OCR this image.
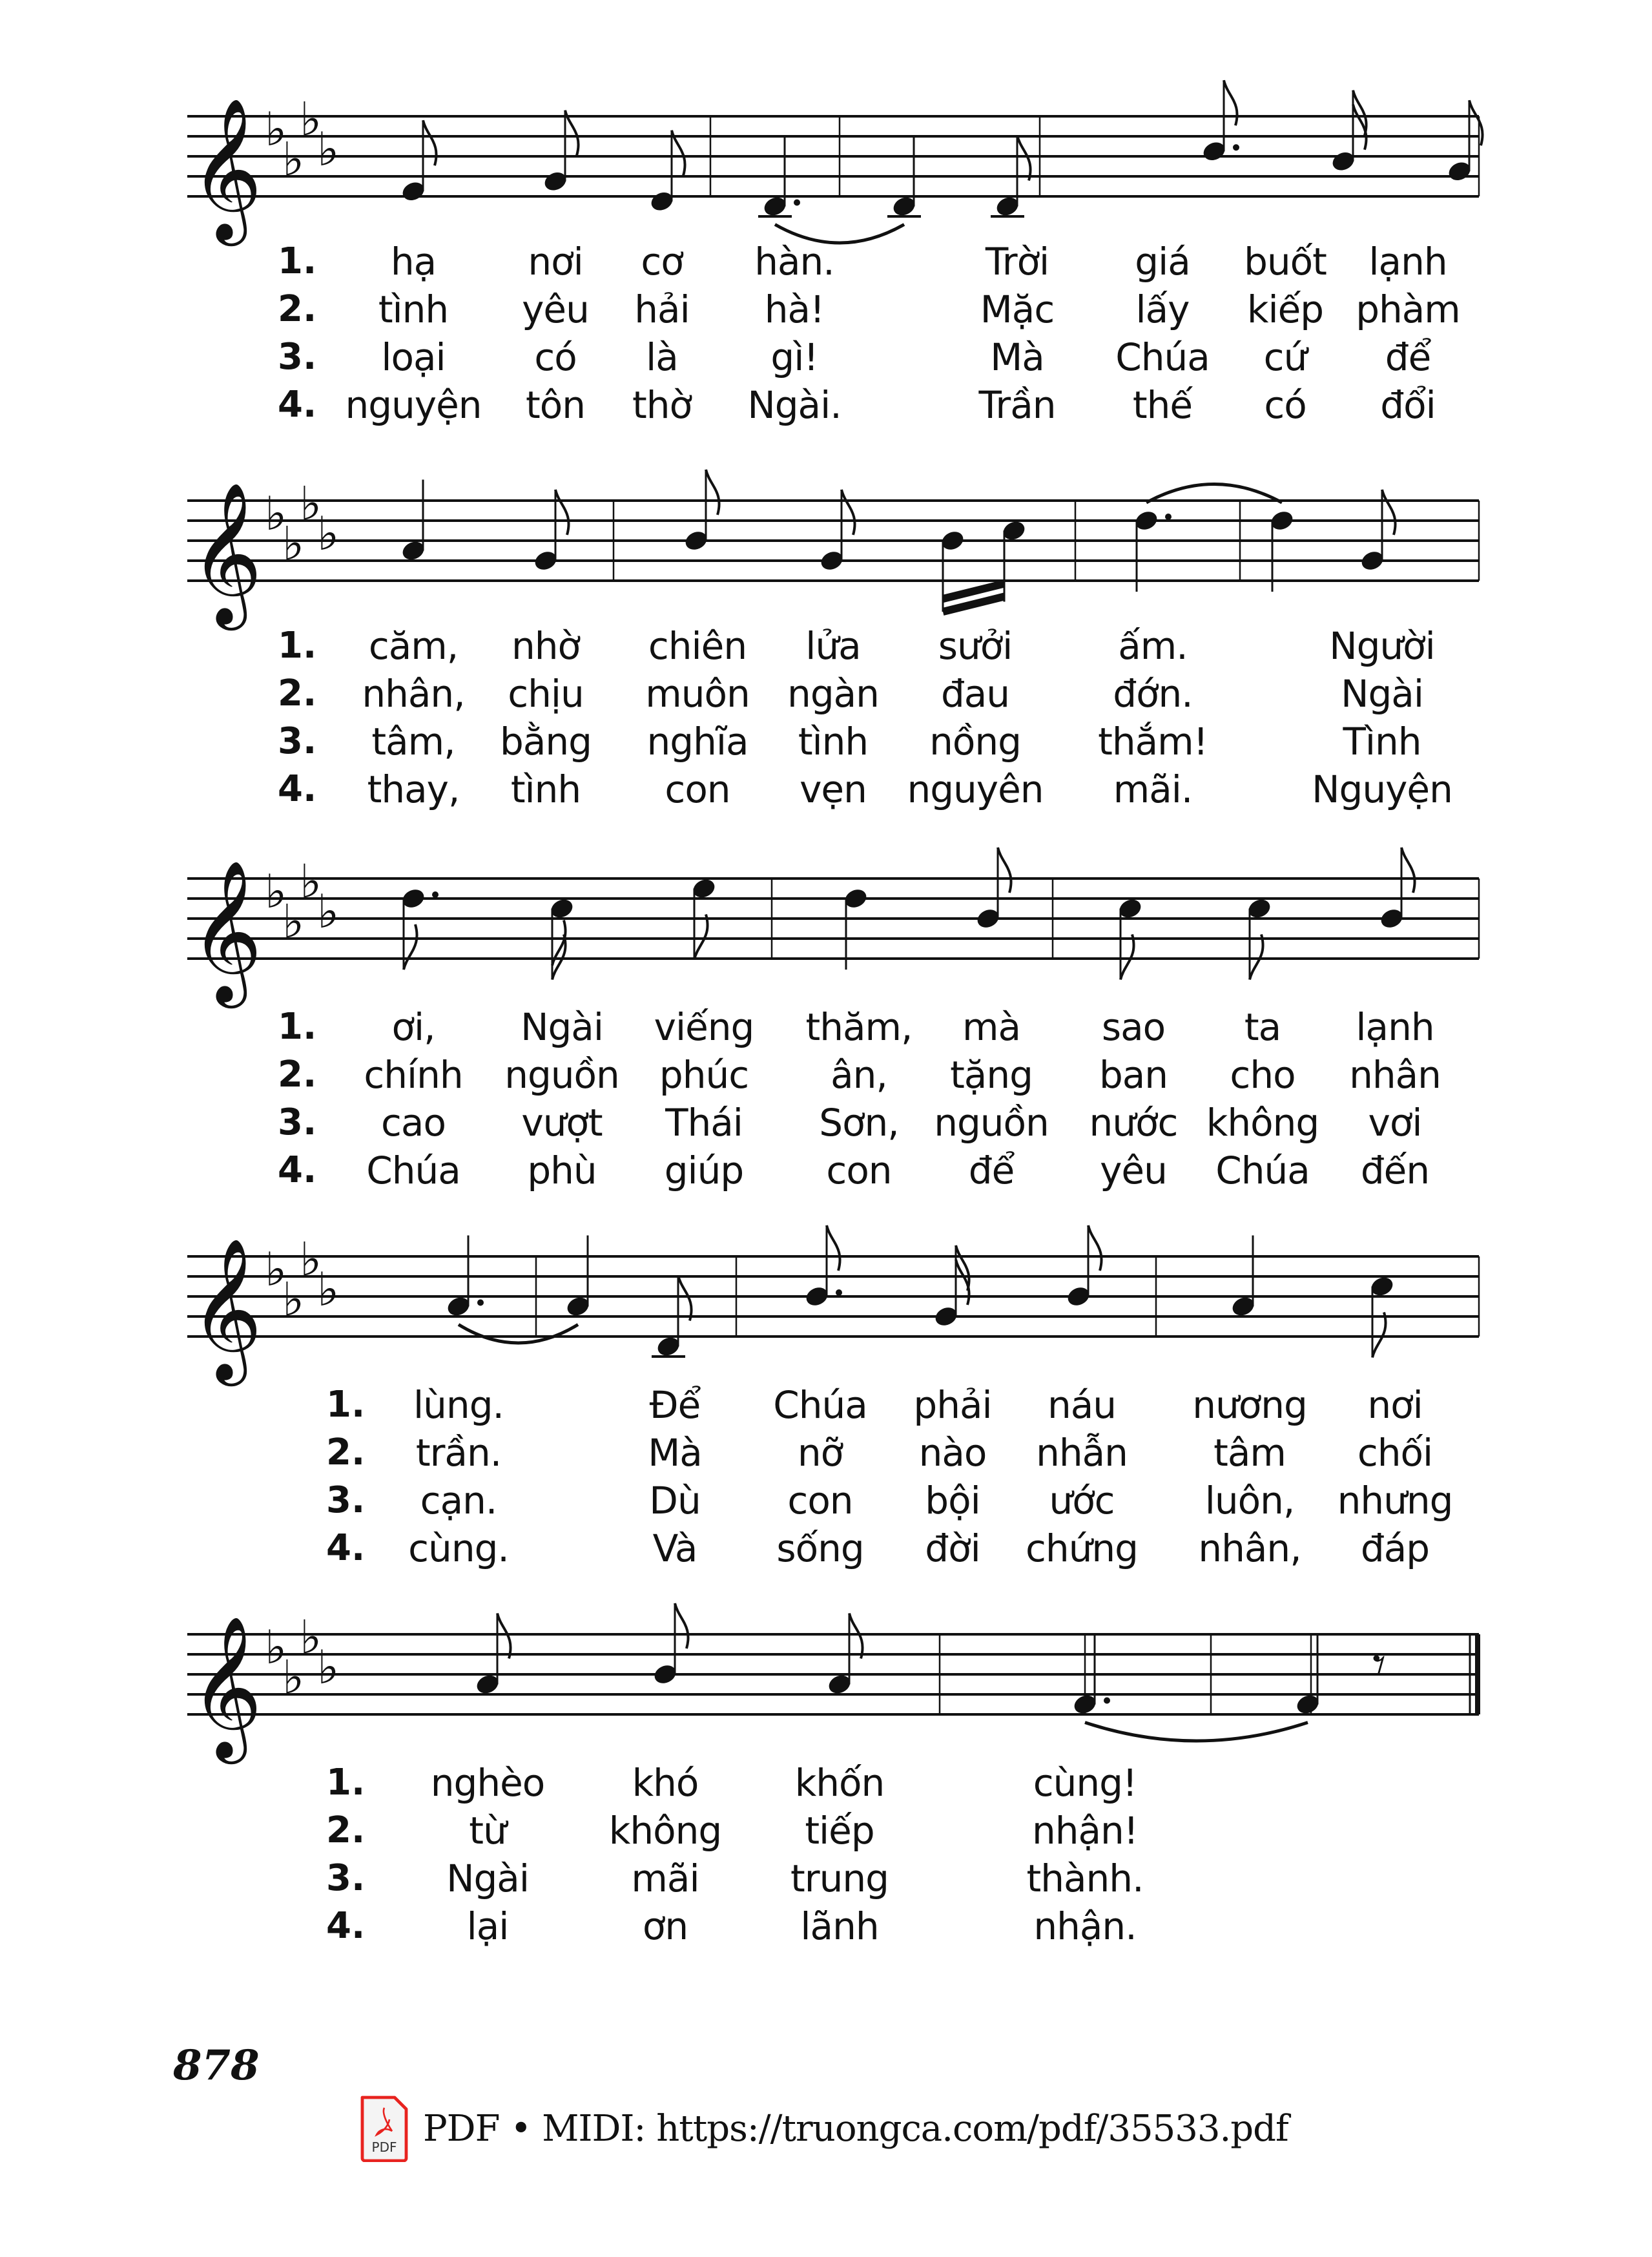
𝄞 ♭
♭
♭
♭
𝄞 ♭
♭
♭
♭
𝄞 ♭
♭
♭
♭
𝄞 ♭
♭
♭
♭
𝄞 ♭
♭
♭
♭	𝄾
1. hạ nơi cơ hàn.	Trời giá buốt lạnh
2. tình yêu hải hà!	Mặc lấy kiếp phàm
3. loại có là gì!	Mà Chúa cứ để
4. nguyện tôn thờ Ngài.	Trần thế có đổi
1. căm, nhờ chiên lửa sưởi	ấm.	Người
2. nhân, chịu muôn ngàn đau	đớn.	Ngài
3. tâm, bằng nghĩa tình nồng thắm!	Tình
4. thay, tình con vẹn nguyên mãi.	Nguyện
1. ơi, Ngài viếng thăm, mà sao ta lạnh
2. chính nguồn phúc ân, tặng ban cho nhân
3. cao vượt Thái Sơn, nguồn nước không vơi
4. Chúa phù giúp con để yêu Chúa đến
1. lùng.	Để Chúa phải náu nương nơi
2. trần.	Mà	nỡ nào nhẫn tâm chối
3. cạn.	Dù con bội ước luôn, nhưng
4. cùng.	Và sống đời chứng nhân, đáp
1. nghèo khó	khốn	cùng!
2.	từ	không tiếp	nhận!
3. Ngài	mãi trung	thành.
4.	lại	ơn	lãnh	nhận.
878
PDF PDF • MIDI: https://truongca.com/pdf/35533.pdf
